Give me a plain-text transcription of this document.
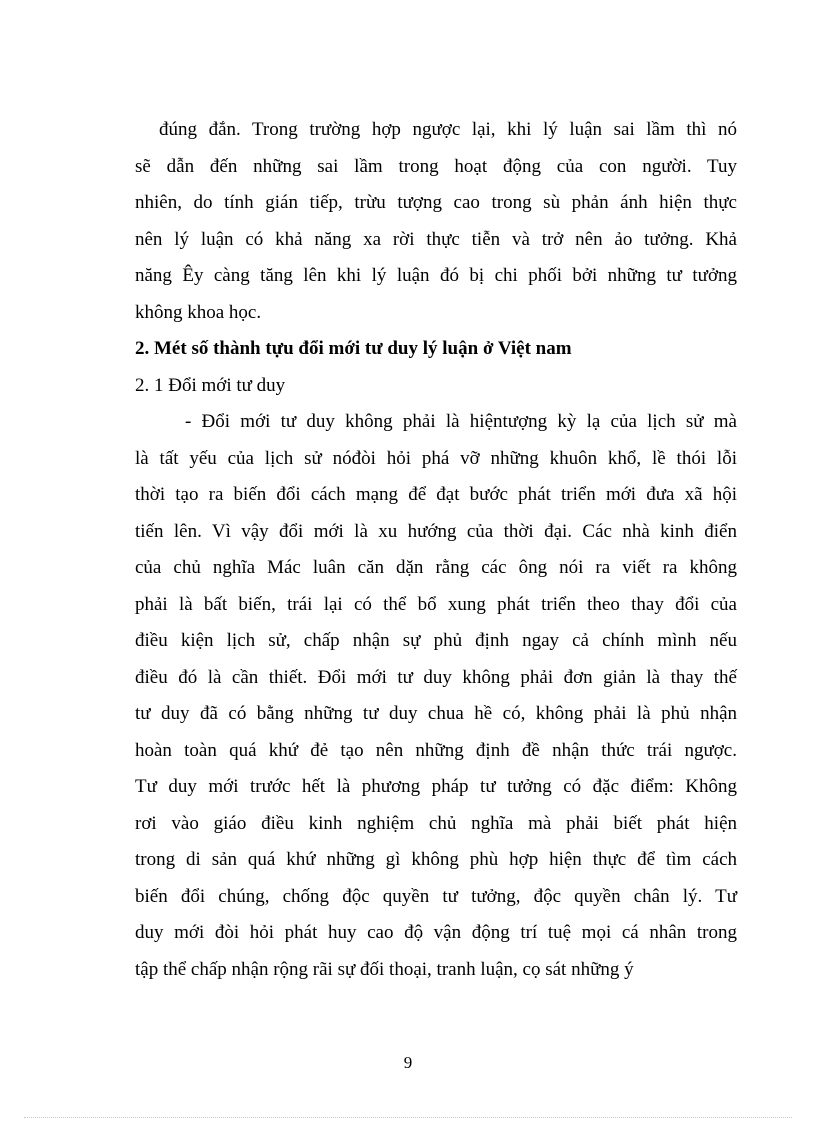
đúng đắn. Trong trường hợp ngược lại, khi lý luận sai lầm thì nó
sẽ dẫn đến những sai lầm trong hoạt động của con người. Tuy
nhiên, do tính gián tiếp, trừu tượng cao trong sù phản ánh hiện thực
nên lý luận có khả năng xa rời thực tiễn và trở nên ảo tưởng. Khả
năng Êy càng tăng lên khi lý luận đó bị chi phối bởi những tư tưởng
không khoa học.
2. Mét số thành tựu đổi mới tư duy lý luận ở Việt nam
2. 1 Đổi mới tư duy
- Đổi mới tư duy không phải là hiệntượng kỳ lạ của lịch sử mà
là tất yếu của lịch sử nóđòi hỏi phá vỡ những khuôn khổ, lề thói lỗi
thời tạo ra biến đổi cách mạng để đạt bước phát triển mới đưa xã hội
tiến lên. Vì vậy đổi mới là xu hướng của thời đại. Các nhà kinh điển
của chủ nghĩa Mác luân căn dặn rằng các ông nói ra viết ra không
phải là bất biến, trái lại có thể bổ xung phát triển theo thay đổi của
điều kiện lịch sử, chấp nhận sự phủ định ngay cả chính mình nếu
điều đó là cần thiết. Đổi mới tư duy không phải đơn giản là thay thế
tư duy đã có bằng những tư duy chua hề có, không phải là phủ nhận
hoàn toàn quá khứ đẻ tạo nên những định đề nhận thức trái ngược.
Tư duy mới trước hết là phương pháp tư tưởng có đặc điểm: Không
rơi vào giáo điều kinh nghiệm chủ nghĩa mà phải biết phát hiện
trong di sản quá khứ những gì không phù hợp hiện thực để tìm cách
biến đổi chúng, chống độc quyền tư tưởng, độc quyền chân lý. Tư
duy mới đòi hỏi phát huy cao độ vận động trí tuệ mọi cá nhân trong
tập thể chấp nhận rộng rãi sự đối thoại, tranh luận, cọ sát những ý
9
